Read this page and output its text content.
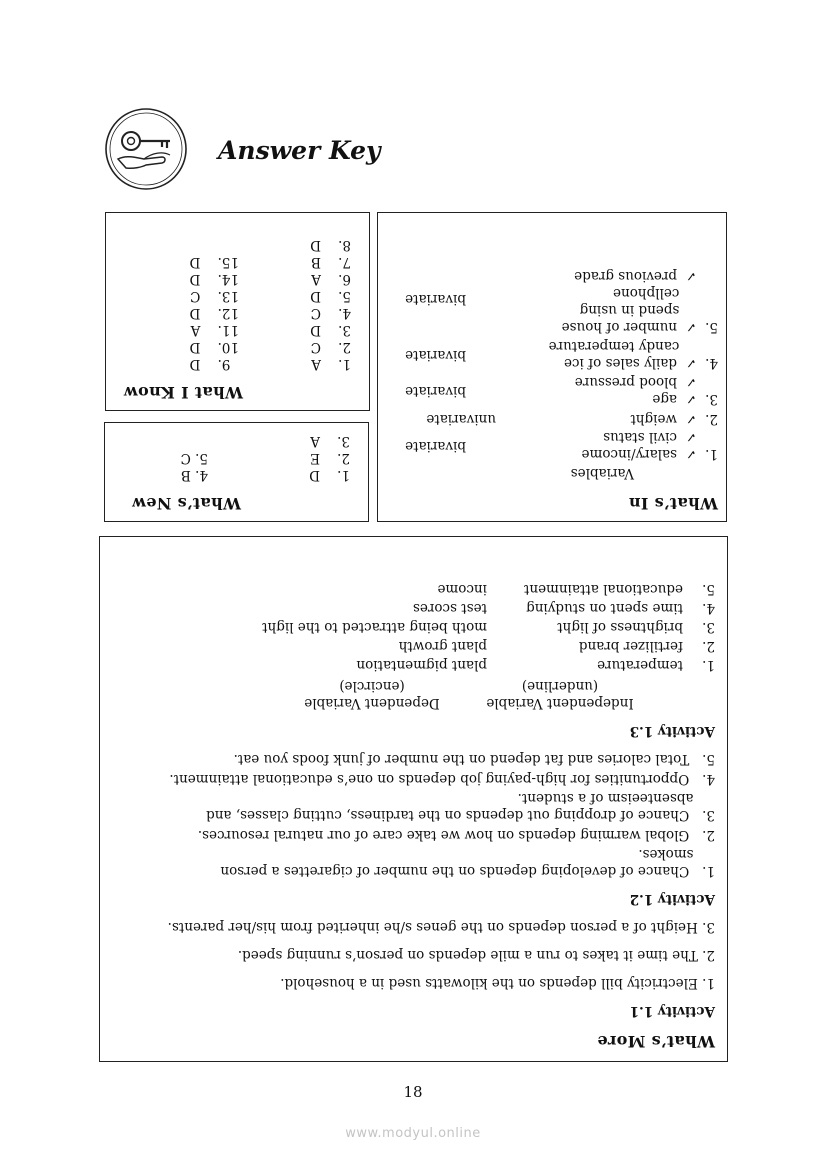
Answer Key
What I Know
1.    A
2.    C
3.    D
4.    C
5.    D
6.    A
7.    B
8.    D
9.    D
10.    D
11.    A
12.    D
13.    C
14.    D
15.    D
What’s New
1.    D
2.    E
3.    A
4. B
5. C
What’s In
Variables
1.  ✓  salary/income
✓  civil status
bivariate
2.  ✓  weight
univariate
3.  ✓  age
✓  blood pressure
bivariate
4.  ✓  daily sales of ice
candy temperature
bivariate
5.  ✓  number of house
spend in using
cellphone
✓  previous grade
bivariate
What’s More
Activity 1.1
1. Electricity bill depends on the kilowatts used in a household.
2. The time it takes to run a mile depends on person’s running speed.
3. Height of a person depends on the genes s/he inherited from his/her parents.
Activity 1.2
1.   Chance of developing depends on the number of cigarettes a person
smokes.
2.   Global warming depends on how we take care of our natural resources.
3.   Chance of dropping out depends on the tardiness, cutting classes, and
absenteeism of a student.
4.   Opportunities for high-paying job depends on one’s educational attainment.
5.   Total calories and fat depend on the number of junk foods you eat.
Activity 1.3
Independent Variable
(underline)
Dependent Variable
(encircle)
1.
temperature
plant pigmentation
2.
fertilizer brand
plant growth
3.
brightness of light
moth being attracted to the light
4.
time spent on studying
test scores
5.
educational attainment
income
18
www.modyul.online
